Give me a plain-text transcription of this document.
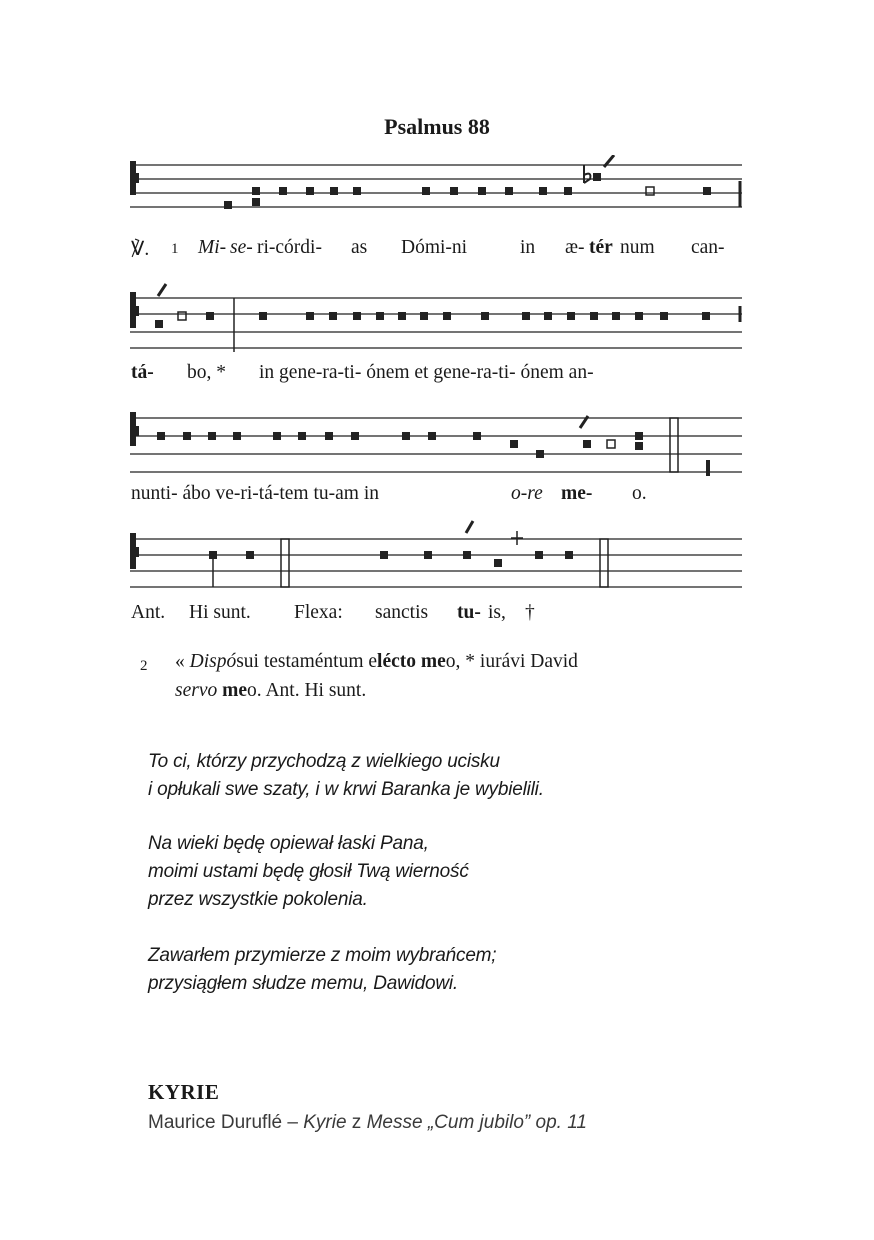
Psalmus 88
℣. 1 Mi- se- ri-córdi- as Dómi-ni	in æ- tér num can-
tá- bo, * in gene-ra-ti- ónem et gene-ra-ti- ónem an-
nunti- ábo ve-ri-tá-tem tu-am in	o-re me- o.
Ant. Hi sunt. Flexa: sanctis tu- is, †
2 « Dispósui testaméntum elécto meo, * iurávi David
servo meo. Ant. Hi sunt.
To ci, którzy przychodzą z wielkiego ucisku
i opłukali swe szaty, i w krwi Baranka je wybielili.
Na wieki będę opiewał łaski Pana,
moimi ustami będę głosił Twą wierność
przez wszystkie pokolenia.
Zawarłem przymierze z moim wybrańcem;
przysiągłem słudze memu, Dawidowi.
KYRIE
Maurice Duruflé – Kyrie z Messe „Cum jubilo” op. 11
